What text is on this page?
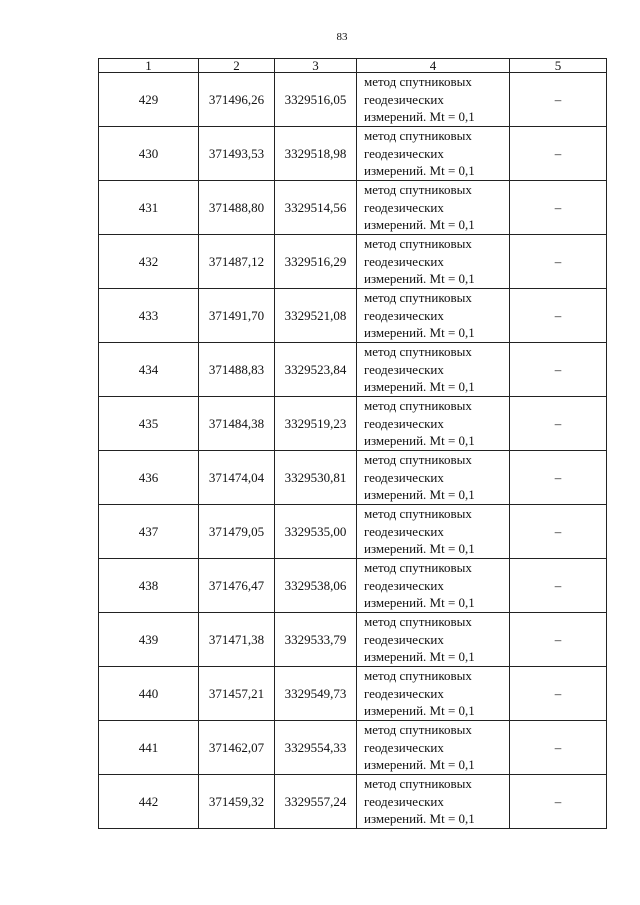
83
1	2	3	4	5
429	371496,26	3329516,05	метод спутниковых
геодезических
измерений. Mt = 0,1	–
430	371493,53	3329518,98	метод спутниковых
геодезических
измерений. Mt = 0,1	–
431	371488,80	3329514,56	метод спутниковых
геодезических
измерений. Mt = 0,1	–
432	371487,12	3329516,29	метод спутниковых
геодезических
измерений. Mt = 0,1	–
433	371491,70	3329521,08	метод спутниковых
геодезических
измерений. Mt = 0,1	–
434	371488,83	3329523,84	метод спутниковых
геодезических
измерений. Mt = 0,1	–
435	371484,38	3329519,23	метод спутниковых
геодезических
измерений. Mt = 0,1	–
436	371474,04	3329530,81	метод спутниковых
геодезических
измерений. Mt = 0,1	–
437	371479,05	3329535,00	метод спутниковых
геодезических
измерений. Mt = 0,1	–
438	371476,47	3329538,06	метод спутниковых
геодезических
измерений. Mt = 0,1	–
439	371471,38	3329533,79	метод спутниковых
геодезических
измерений. Mt = 0,1	–
440	371457,21	3329549,73	метод спутниковых
геодезических
измерений. Mt = 0,1	–
441	371462,07	3329554,33	метод спутниковых
геодезических
измерений. Mt = 0,1	–
442	371459,32	3329557,24	метод спутниковых
геодезических
измерений. Mt = 0,1	–
